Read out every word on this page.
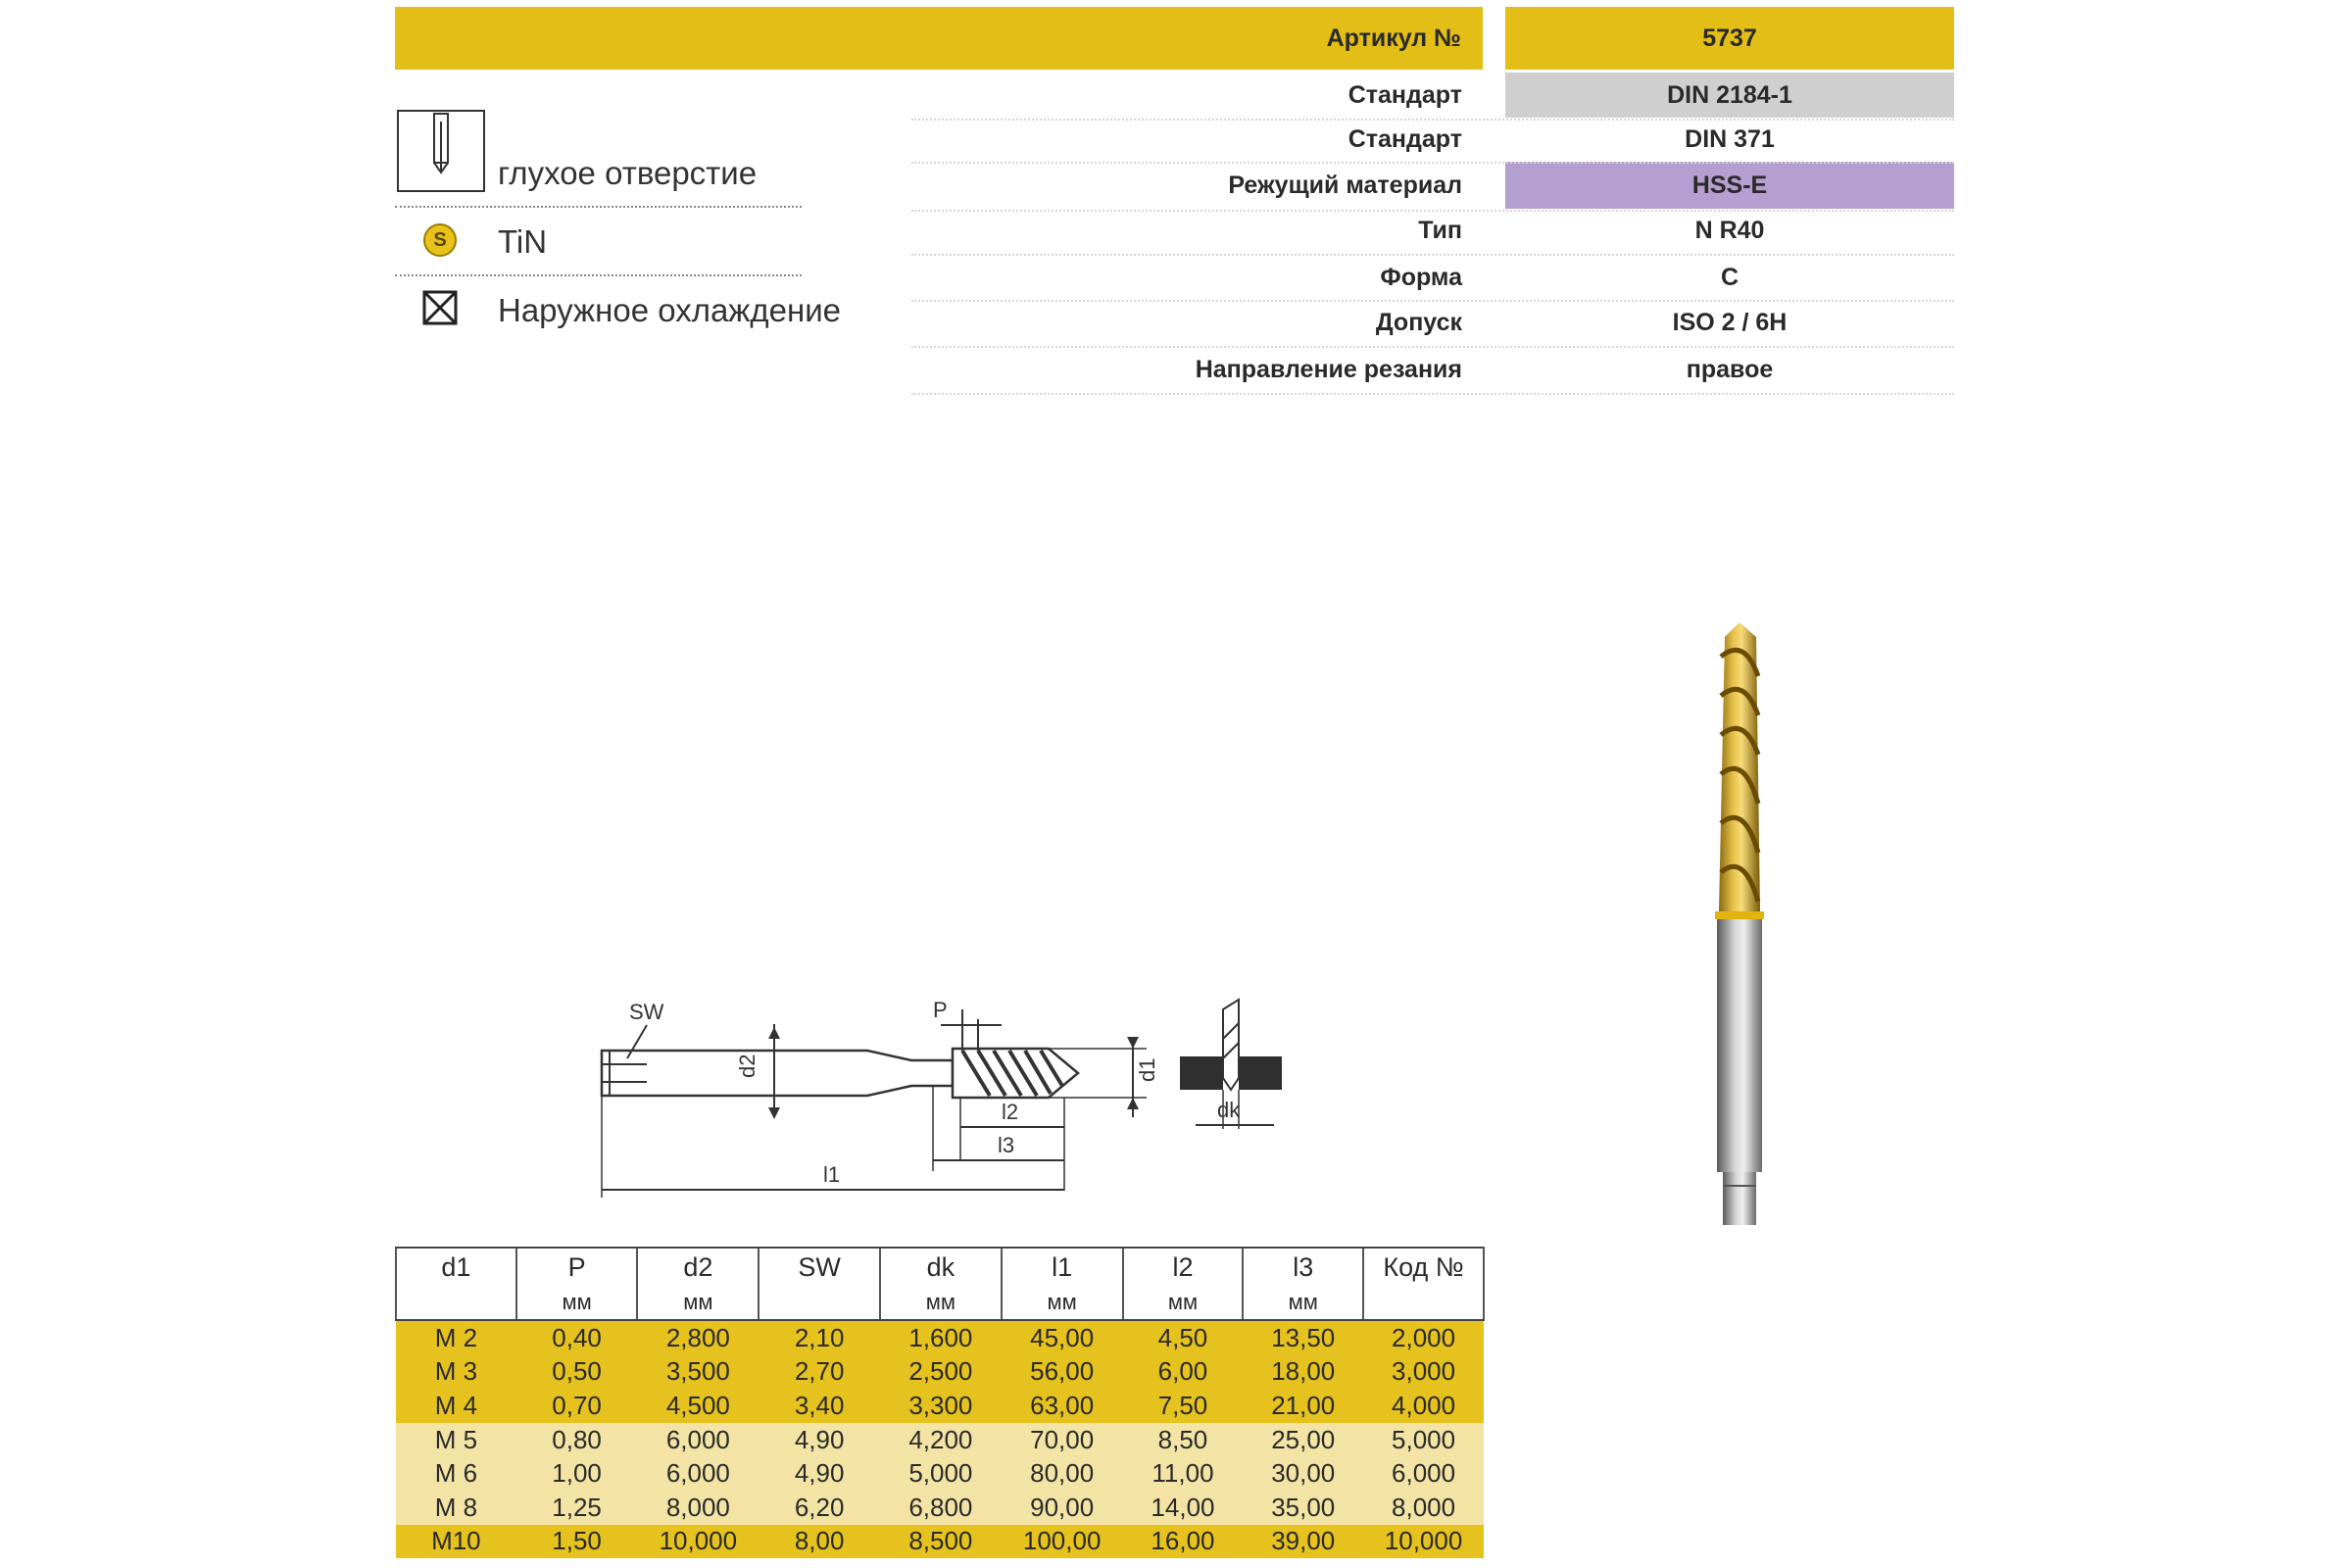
Артикул №	5737
Стандарт	DIN 2184-1
Стандарт	DIN 371
Режущий материал	HSS-E
Тип	N R40
Форма	C
Допуск	ISO 2 / 6H
Направление резания	правое
глухое отверстие
S	TiN
Наружное охлаждение
d2
SW	P
d1
l2
l3
l1
dk
d1	P	d2	SW	dk	l1	l2	l3	Код №
	мм	мм		мм	мм	мм	мм	
M 2	0,40	2,800	2,10	1,600	45,00	4,50	13,50	2,000
M 3	0,50	3,500	2,70	2,500	56,00	6,00	18,00	3,000
M 4	0,70	4,500	3,40	3,300	63,00	7,50	21,00	4,000
M 5	0,80	6,000	4,90	4,200	70,00	8,50	25,00	5,000
M 6	1,00	6,000	4,90	5,000	80,00	11,00	30,00	6,000
M 8	1,25	8,000	6,20	6,800	90,00	14,00	35,00	8,000
M10	1,50	10,000	8,00	8,500	100,00	16,00	39,00	10,000
